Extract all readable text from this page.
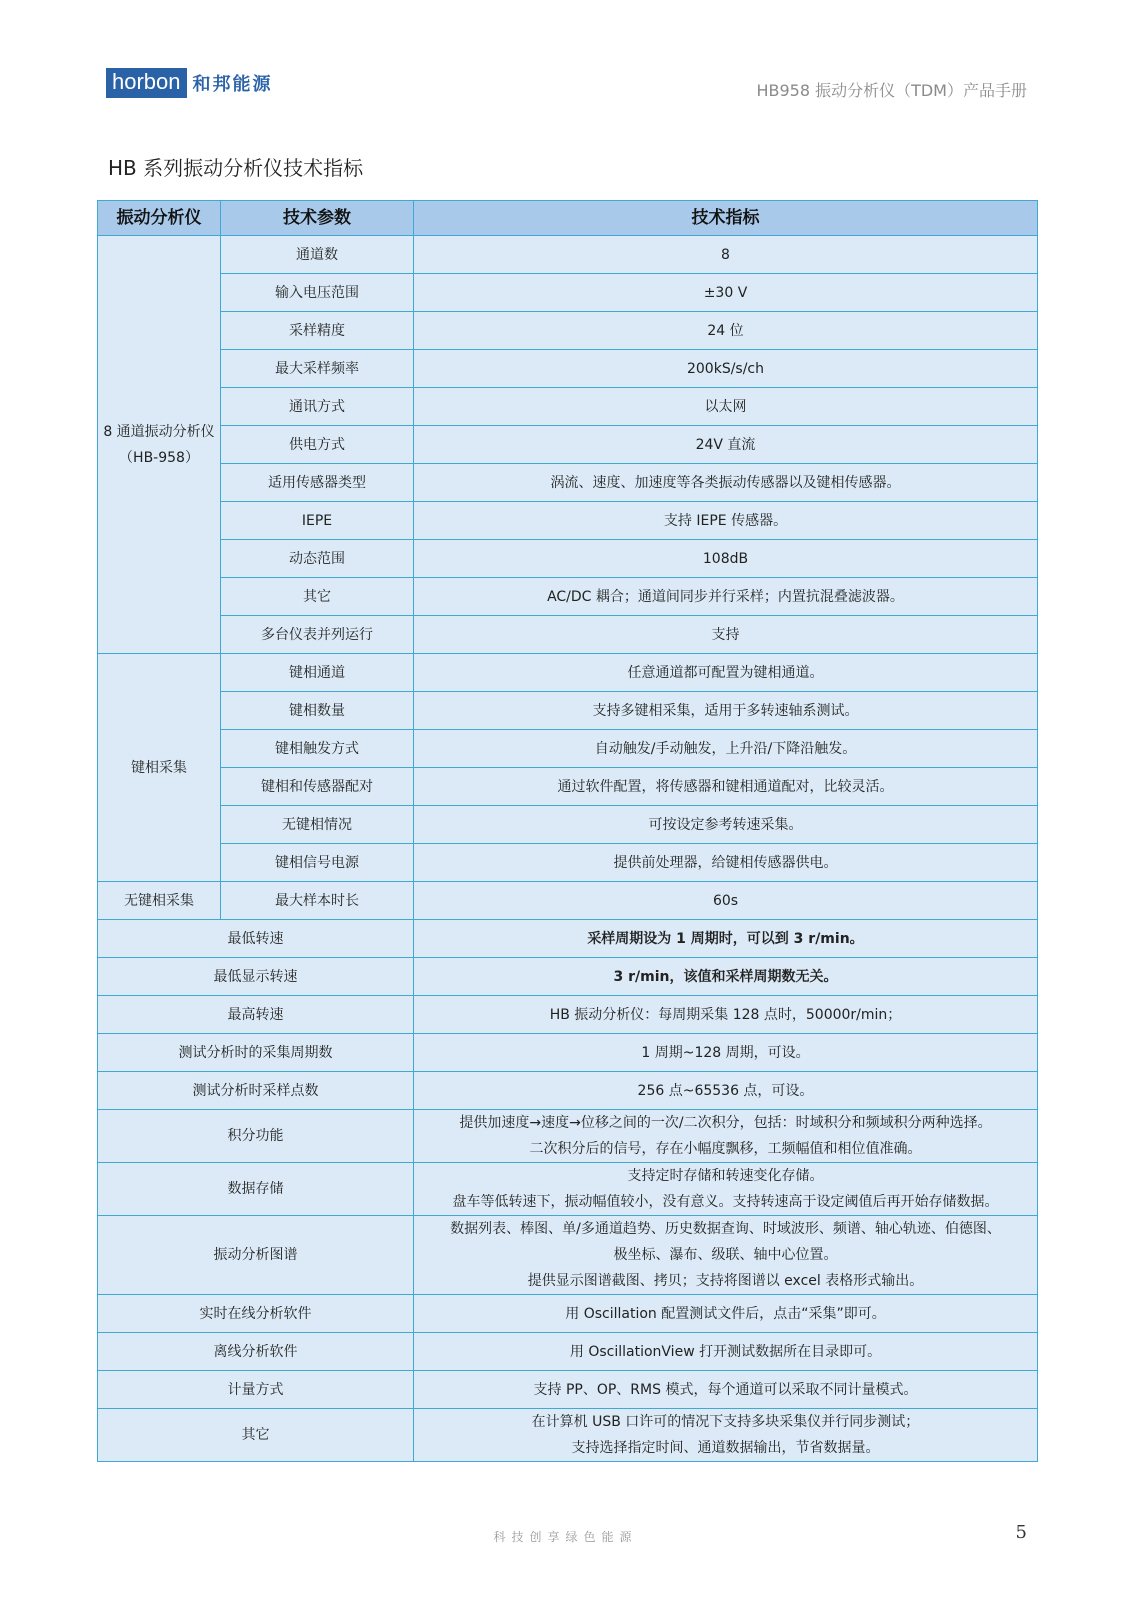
horbon 和邦能源	HB958 振动分析仪（TDM）产品手册
HB 系列振动分析仪技术指标
振动分析仪	技术参数	技术指标
8 通道振动分析仪（HB-958）	通道数	8
	输入电压范围	±30 V
	采样精度	24 位
	最大采样频率	200kS/s/ch
	通讯方式	以太网
	供电方式	24V 直流
	适用传感器类型	涡流、速度、加速度等各类振动传感器以及键相传感器。
	IEPE	支持 IEPE 传感器。
	动态范围	108dB
	其它	AC/DC 耦合；通道间同步并行采样；内置抗混叠滤波器。
	多台仪表并列运行	支持
键相采集	键相通道	任意通道都可配置为键相通道。
	键相数量	支持多键相采集，适用于多转速轴系测试。
	键相触发方式	自动触发/手动触发，上升沿/下降沿触发。
	键相和传感器配对	通过软件配置，将传感器和键相通道配对，比较灵活。
	无键相情况	可按设定参考转速采集。
	键相信号电源	提供前处理器，给键相传感器供电。
无键相采集	最大样本时长	60s
最低转速		采样周期设为 1 周期时，可以到 3 r/min。

最低显示转速		3 r/min，该值和采样周期数无关。

最高转速		HB 振动分析仪：每周期采集 128 点时，50000r/min；

测试分析时的采集周期数		1 周期~128 周期，可设。

测试分析时采样点数		256 点~65536 点，可设。

积分功能		提供加速度→速度→位移之间的一次/二次积分，包括：时域积分和频域积分两种选择。
二次积分后的信号，存在小幅度飘移，工频幅值和相位值准确。

数据存储		支持定时存储和转速变化存储。
盘车等低转速下，振动幅值较小，没有意义。支持转速高于设定阈值后再开始存储数据。

振动分析图谱		数据列表、棒图、单/多通道趋势、历史数据查询、时域波形、频谱、轴心轨迹、伯德图、
极坐标、瀑布、级联、轴中心位置。
提供显示图谱截图、拷贝；支持将图谱以 excel 表格形式输出。

实时在线分析软件		用 Oscillation 配置测试文件后，点击“采集”即可。

离线分析软件		用 OscillationView 打开测试数据所在目录即可。

计量方式		支持 PP、OP、RMS 模式，每个通道可以采取不同计量模式。

其它		在计算机 USB 口许可的情况下支持多块采集仪并行同步测试；
支持选择指定时间、通道数据输出，节省数据量。
科技创享绿色能源	5
